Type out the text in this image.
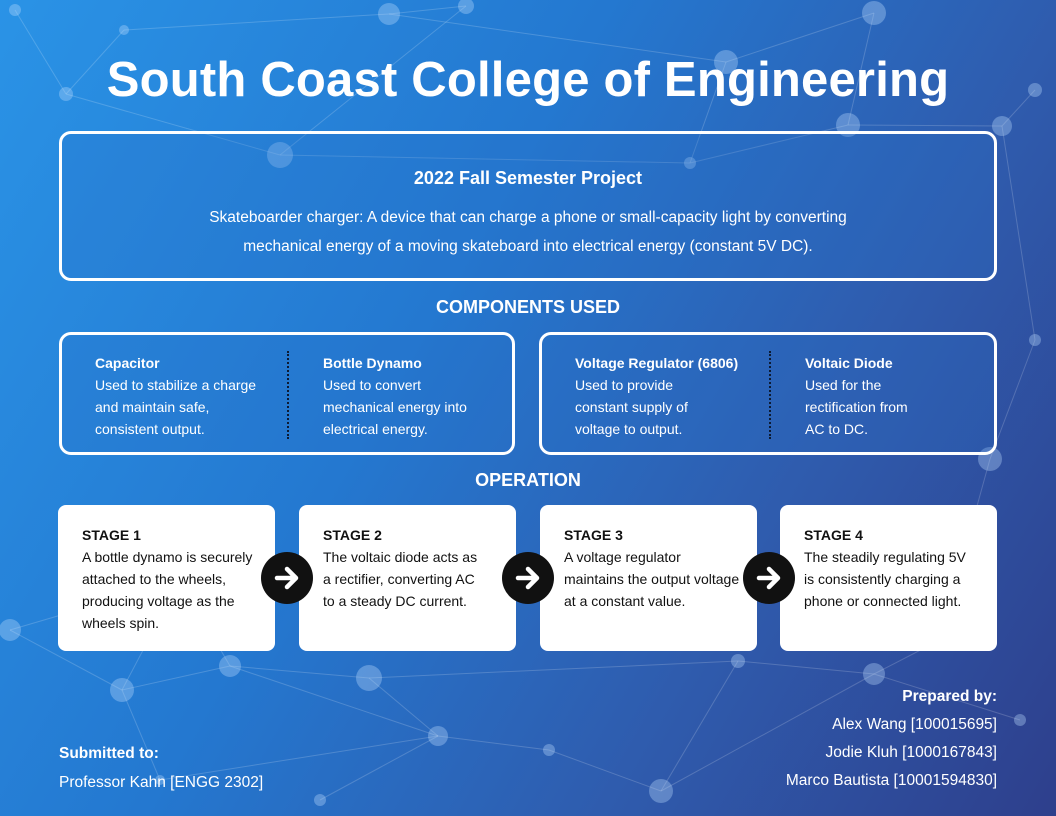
South Coast College of Engineering
2022 Fall Semester Project
Skateboarder charger: A device that can charge a phone or small-capacity light by converting mechanical energy of a moving skateboard into electrical energy (constant 5V DC).
COMPONENTS USED
Capacitor
Used to stabilize a charge and maintain safe, consistent output.
Bottle Dynamo
Used to convert mechanical energy into electrical energy.
Voltage Regulator (6806)
Used to provide constant supply of voltage to output.
Voltaic Diode
Used for the rectification from AC to DC.
OPERATION
STAGE 1
A bottle dynamo is securely attached to the wheels, producing voltage as the wheels spin.
STAGE 2
The voltaic diode acts as a rectifier, converting AC to a steady DC current.
STAGE 3
A voltage regulator maintains the output voltage at a constant value.
STAGE 4
The steadily regulating 5V is consistently charging a phone or connected light.
Submitted to:
Professor Kahn [ENGG 2302]
Prepared by:
Alex Wang [100015695]
Jodie Kluh [1000167843]
Marco Bautista [10001594830]
